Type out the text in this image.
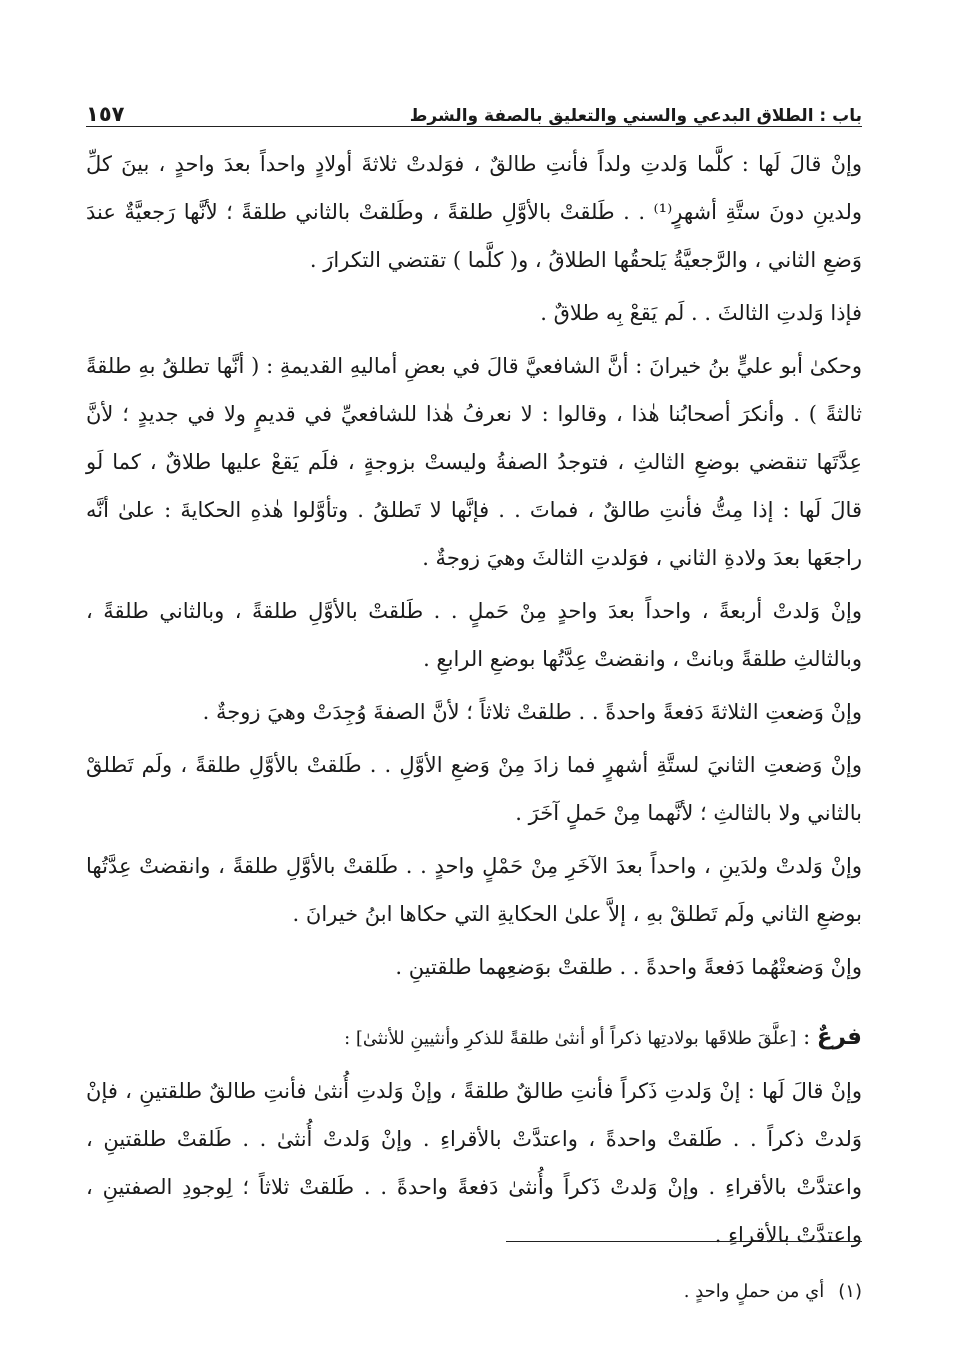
باب : الطلاق البدعي والسني والتعليق بالصفة والشرط
١٥٧

وإنْ قالَ لَها : كلَّما وَلدتِ ولداً فأنتِ طالقٌ ، فوَلدتْ ثلاثةَ أولادٍ واحداً بعدَ واحدٍ ، بينَ كلِّ ولدينِ دونَ ستَّةِ أشهرٍ⁽¹⁾ . . طَلقتْ بالأوَّلِ طلقةً ، وطَلقتْ بالثاني طلقةً ؛ لأنَّها رَجعيَّةٌ عندَ وَضعِ الثاني ، والرَّجعيَّةُ يَلحقُها الطلاقُ ، و( كلَّما ) تقتضي التكرارَ .

فإذا وَلدتِ الثالثَ . . لَم يَقعْ بِه طلاقٌ .

وحكىٰ أبو عليٍّ بنُ خيرانَ : أنَّ الشافعيَّ قالَ في بعضِ أماليهِ القديمةِ : ( أنَّها تطلقُ بهِ طلقةً ثالثةً ) . وأنكرَ أصحابُنا هٰذا ، وقالوا : لا نعرفُ هٰذا للشافعيِّ في قديمٍ ولا في جديدٍ ؛ لأنَّ عِدَّتَها تنقضي بوضعِ الثالثِ ، فتوجدُ الصفةُ وليستْ بزوجةٍ ، فلَم يَقعْ عليها طلاقٌ ، كما لَو قالَ لَها : إذا مِتُّ فأنتِ طالقٌ ، فماتَ . . فإنَّها لا تَطلقُ . وتأوَّلوا هٰذهِ الحكايةَ : علىٰ أنَّه راجعَها بعدَ ولادةِ الثاني ، فوَلدتِ الثالثَ وهيَ زوجةٌ .

وإنْ وَلدتْ أربعةً ، واحداً بعدَ واحدٍ مِنْ حَملٍ . . طَلقتْ بالأوَّلِ طلقةً ، وبالثاني طلقةً ، وبالثالثِ طلقةً وبانتْ ، وانقضتْ عِدَّتُها بوضعِ الرابعِ .

وإنْ وَضعتِ الثلاثةَ دَفعةً واحدةً . . طلقتْ ثلاثاً ؛ لأنَّ الصفةَ وُجِدَتْ وهيَ زوجةٌ .

وإنْ وَضعتِ الثانيَ لستَّةِ أشهرٍ فما زادَ مِنْ وَضعِ الأوَّلِ . . طَلقتْ بالأوَّلِ طلقةً ، ولَم تَطلقْ بالثاني ولا بالثالثِ ؛ لأنَّهما مِنْ حَملٍ آخَرَ .

وإنْ وَلدتْ ولدَينِ ، واحداً بعدَ الآخَرِ مِنْ حَمْلٍ واحدٍ . . طَلقتْ بالأوَّلِ طلقةً ، وانقضتْ عِدَّتُها بوضعِ الثاني ولَم تَطلقْ بهِ ، إلاَّ علىٰ الحكايةِ التي حكاها ابنُ خيرانَ .

وإنْ وَضعتْهُما دَفعةً واحدةً . . طلقتْ بوَضعِهما طلقتينِ .

فرعٌ : [علَّقَ طلاقَها بولادتِها ذكراً أو أنثىٰ طلقةً للذكرِ وأنثيينِ للأنثىٰ] :

وإنْ قالَ لَها : إنْ وَلدتِ ذَكراً فأنتِ طالقٌ طلقةً ، وإنْ وَلدتِ أُنثىٰ فأنتِ طالقٌ طلقتينِ ، فإنْ وَلدتْ ذكراً . . طَلقتْ واحدةً ، واعتدَّتْ بالأقراءِ . وإنْ وَلدتْ أُنثىٰ . . طَلقتْ طلقتينِ ، واعتدَّتْ بالأقراءِ . وإنْ وَلدتْ ذَكراً وأُنثىٰ دَفعةً واحدةً . . طَلقتْ ثلاثاً ؛ لِوجودِ الصفتينِ ، واعتدَّتْ بالأقراءِ .

(١)أي من حملٍ واحدٍ .
